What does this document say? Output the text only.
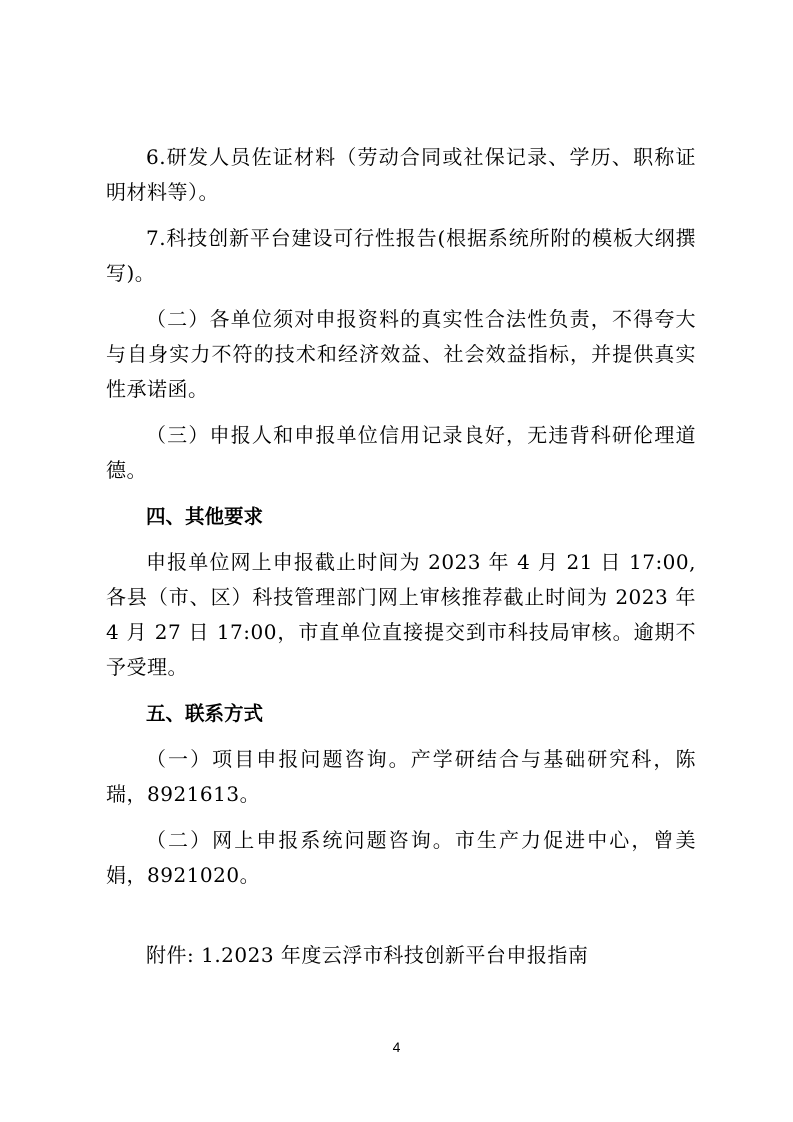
6.研发人员佐证材料（劳动合同或社保记录、学历、职称证明材料等）。

7.科技创新平台建设可行性报告(根据系统所附的模板大纲撰写)。

（二）各单位须对申报资料的真实性合法性负责，不得夸大与自身实力不符的技术和经济效益、社会效益指标，并提供真实性承诺函。

（三）申报人和申报单位信用记录良好，无违背科研伦理道德。

四、其他要求

申报单位网上申报截止时间为 2023 年 4 月 21 日 17:00,各县（市、区）科技管理部门网上审核推荐截止时间为 2023 年 4 月 27 日 17:00，市直单位直接提交到市科技局审核。逾期不予受理。

五、联系方式

（一）项目申报问题咨询。产学研结合与基础研究科，陈瑞，8921613。

（二）网上申报系统问题咨询。市生产力促进中心，曾美娟，8921020。

附件: 1.2023 年度云浮市科技创新平台申报指南

4
